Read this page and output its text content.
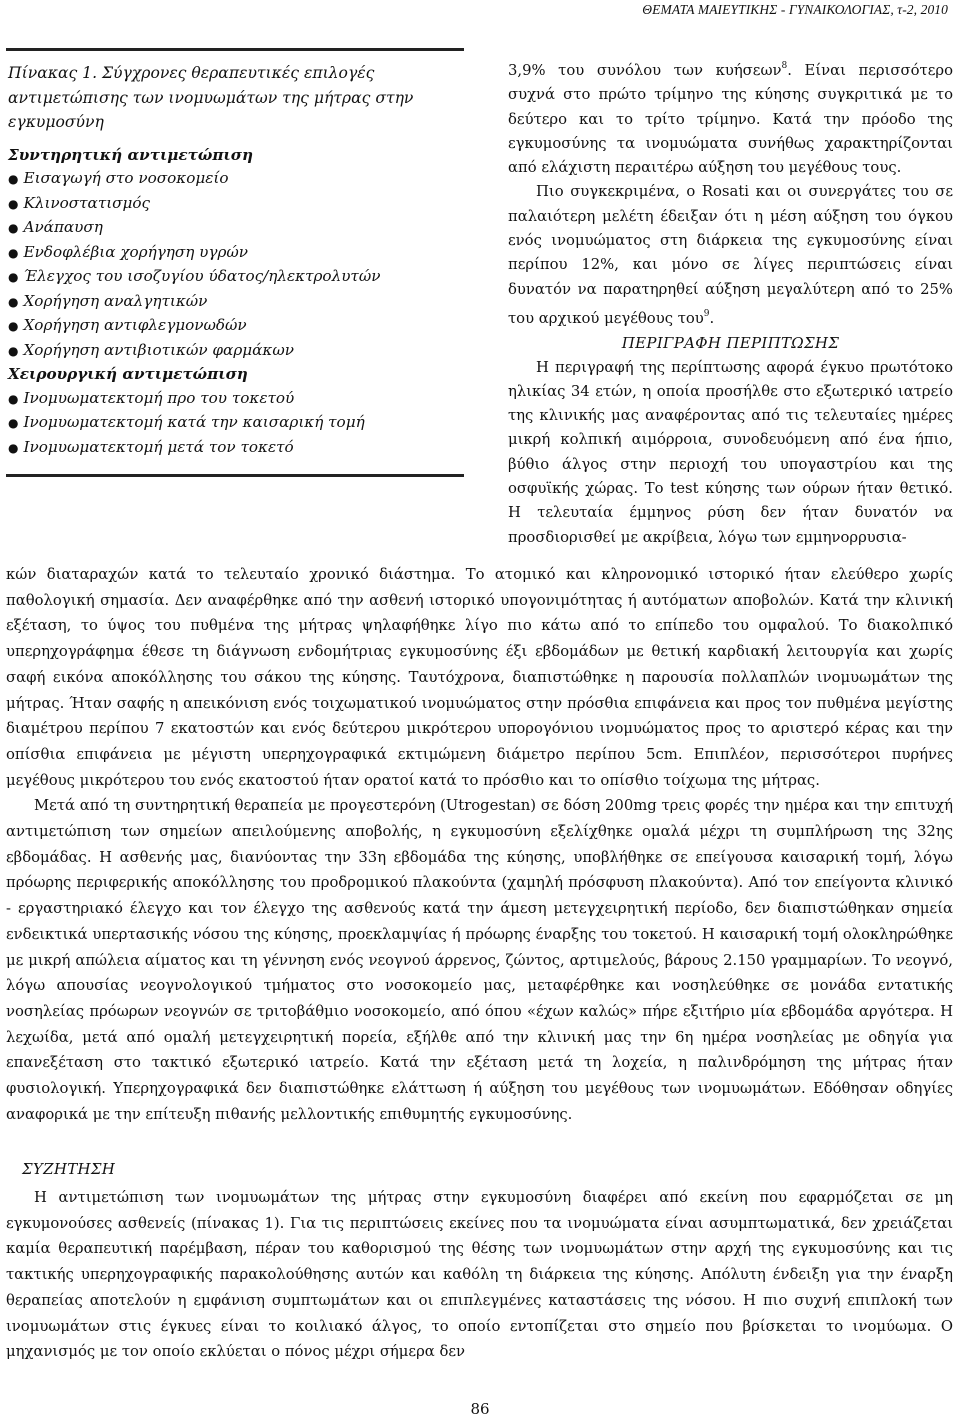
ΘΕΜΑΤΑ ΜΑΙΕΥΤΙΚΗΣ - ΓΥΝΑΙΚΟΛΟΓΙΑΣ, τ-2, 2010
Πίνακας 1. Σύγχρονες θεραπευτικές επιλογές αντιμετώπισης των ινομυωμάτων της μήτρας στην εγκυμοσύνη
Συντηρητική αντιμετώπιση
● Εισαγωγή στο νοσοκομείο
● Κλινοστατισμός
● Ανάπαυση
● Ενδοφλέβια χορήγηση υγρών
● Έλεγχος του ισοζυγίου ύδατος/ηλεκτρολυτών
● Χορήγηση αναλγητικών
● Χορήγηση αντιφλεγμονωδών
● Χορήγηση αντιβιοτικών φαρμάκων
Χειρουργική αντιμετώπιση
● Ινομυωματεκτομή προ του τοκετού
● Ινομυωματεκτομή κατά την καισαρική τομή
● Ινομυωματεκτομή μετά τον τοκετό

3,9% του συνόλου των κυήσεων$^8$. Είναι περισσότερο συχνά στο πρώτο τρίμηνο της κύησης συγκριτικά με το δεύτερο και το τρίτο τρίμηνο. Κατά την πρόοδο της εγκυμοσύνης τα ινομυώματα συνήθως χαρακτηρίζονται από ελάχιστη περαιτέρω αύξηση του μεγέθους τους.

Πιο συγκεκριμένα, ο Rosati και οι συνεργάτες του σε παλαιότερη μελέτη έδειξαν ότι η μέση αύξηση του όγκου ενός ινομυώματος στη διάρκεια της εγκυμοσύνης είναι περίπου 12%, και μόνο σε λίγες περιπτώσεις είναι δυνατόν να παρατηρηθεί αύξηση μεγαλύτερη από το 25% του αρχικού μεγέθους του$^9$.

ΠΕΡΙΓΡΑΦΗ ΠΕΡΙΠΤΩΣΗΣ

Η περιγραφή της περίπτωσης αφορά έγκυο πρωτότοκο ηλικίας 34 ετών, η οποία προσήλθε στο εξωτερικό ιατρείο της κλινικής μας αναφέροντας από τις τελευταίες ημέρες μικρή κολπική αιμόρροια, συνοδευόμενη από ένα ήπιο, βύθιο άλγος στην περιοχή του υπογαστρίου και της οσφυϊκής χώρας. Το test κύησης των ούρων ήταν θετικό. Η τελευταία έμμηνος ρύση δεν ήταν δυνατόν να προσδιορισθεί με ακρίβεια, λόγω των εμμηνορρυσια-

κών διαταραχών κατά το τελευταίο χρονικό διάστημα. Το ατομικό και κληρονομικό ιστορικό ήταν ελεύθερο χωρίς παθολογική σημασία. Δεν αναφέρθηκε από την ασθενή ιστορικό υπογονιμότητας ή αυτόματων αποβολών. Κατά την κλινική εξέταση, το ύψος του πυθμένα της μήτρας ψηλαφήθηκε λίγο πιο κάτω από το επίπεδο του ομφαλού. Το διακολπικό υπερηχογράφημα έθεσε τη διάγνωση ενδομήτριας εγκυμοσύνης έξι εβδομάδων με θετική καρδιακή λειτουργία και χωρίς σαφή εικόνα αποκόλλησης του σάκου της κύησης. Ταυτόχρονα, διαπιστώθηκε η παρουσία πολλαπλών ινομυωμάτων της μήτρας. Ήταν σαφής η απεικόνιση ενός τοιχωματικού ινομυώματος στην πρόσθια επιφάνεια και προς τον πυθμένα μεγίστης διαμέτρου περίπου 7 εκατοστών και ενός δεύτερου μικρότερου υπορογόνιου ινομυώματος προς το αριστερό κέρας και την οπίσθια επιφάνεια με μέγιστη υπερηχογραφικά εκτιμώμενη διάμετρο περίπου 5cm. Επιπλέον, περισσότεροι πυρήνες μεγέθους μικρότερου του ενός εκατοστού ήταν ορατοί κατά το πρόσθιο και το οπίσθιο τοίχωμα της μήτρας.

Μετά από τη συντηρητική θεραπεία με προγεστερόνη (Utrogestan) σε δόση 200mg τρεις φορές την ημέρα και την επιτυχή αντιμετώπιση των σημείων απειλούμενης αποβολής, η εγκυμοσύνη εξελίχθηκε ομαλά μέχρι τη συμπλήρωση της 32ης εβδομάδας. Η ασθενής μας, διανύοντας την 33η εβδομάδα της κύησης, υποβλήθηκε σε επείγουσα καισαρική τομή, λόγω πρόωρης περιφερικής αποκόλλησης του προδρομικού πλακούντα (χαμηλή πρόσφυση πλακούντα). Από τον επείγοντα κλινικό - εργαστηριακό έλεγχο και τον έλεγχο της ασθενούς κατά την άμεση μετεγχειρητική περίοδο, δεν διαπιστώθηκαν σημεία ενδεικτικά υπερτασικής νόσου της κύησης, προεκλαμψίας ή πρόωρης έναρξης του τοκετού. Η καισαρική τομή ολοκληρώθηκε με μικρή απώλεια αίματος και τη γέννηση ενός νεογνού άρρενος, ζώντος, αρτιμελούς, βάρους 2.150 γραμμαρίων. Το νεογνό, λόγω απουσίας νεογνολογικού τμήματος στο νοσοκομείο μας, μεταφέρθηκε και νοσηλεύθηκε σε μονάδα εντατικής νοσηλείας πρόωρων νεογνών σε τριτοβάθμιο νοσοκομείο, από όπου «έχων καλώς» πήρε εξιτήριο μία εβδομάδα αργότερα. Η λεχωίδα, μετά από ομαλή μετεγχειρητική πορεία, εξήλθε από την κλινική μας την 6η ημέρα νοσηλείας με οδηγία για επανεξέταση στο τακτικό εξωτερικό ιατρείο. Κατά την εξέταση μετά τη λοχεία, η παλινδρόμηση της μήτρας ήταν φυσιολογική. Υπερηχογραφικά δεν διαπιστώθηκε ελάττωση ή αύξηση του μεγέθους των ινομυωμάτων. Εδόθησαν οδηγίες αναφορικά με την επίτευξη πιθανής μελλοντικής επιθυμητής εγκυμοσύνης.

ΣΥΖΗΤΗΣΗ

Η αντιμετώπιση των ινομυωμάτων της μήτρας στην εγκυμοσύνη διαφέρει από εκείνη που εφαρμόζεται σε μη εγκυμονούσες ασθενείς (πίνακας 1). Για τις περιπτώσεις εκείνες που τα ινομυώματα είναι ασυμπτωματικά, δεν χρειάζεται καμία θεραπευτική παρέμβαση, πέραν του καθορισμού της θέσης των ινομυωμάτων στην αρχή της εγκυμοσύνης και τις τακτικής υπερηχογραφικής παρακολούθησης αυτών και καθόλη τη διάρκεια της κύησης. Απόλυτη ένδειξη για την έναρξη θεραπείας αποτελούν η εμφάνιση συμπτωμάτων και οι επιπλεγμένες καταστάσεις της νόσου. Η πιο συχνή επιπλοκή των ινομυωμάτων στις έγκυες είναι το κοιλιακό άλγος, το οποίο εντοπίζεται στο σημείο που βρίσκεται το ινομύωμα. Ο μηχανισμός με τον οποίο εκλύεται ο πόνος μέχρι σήμερα δεν

86
